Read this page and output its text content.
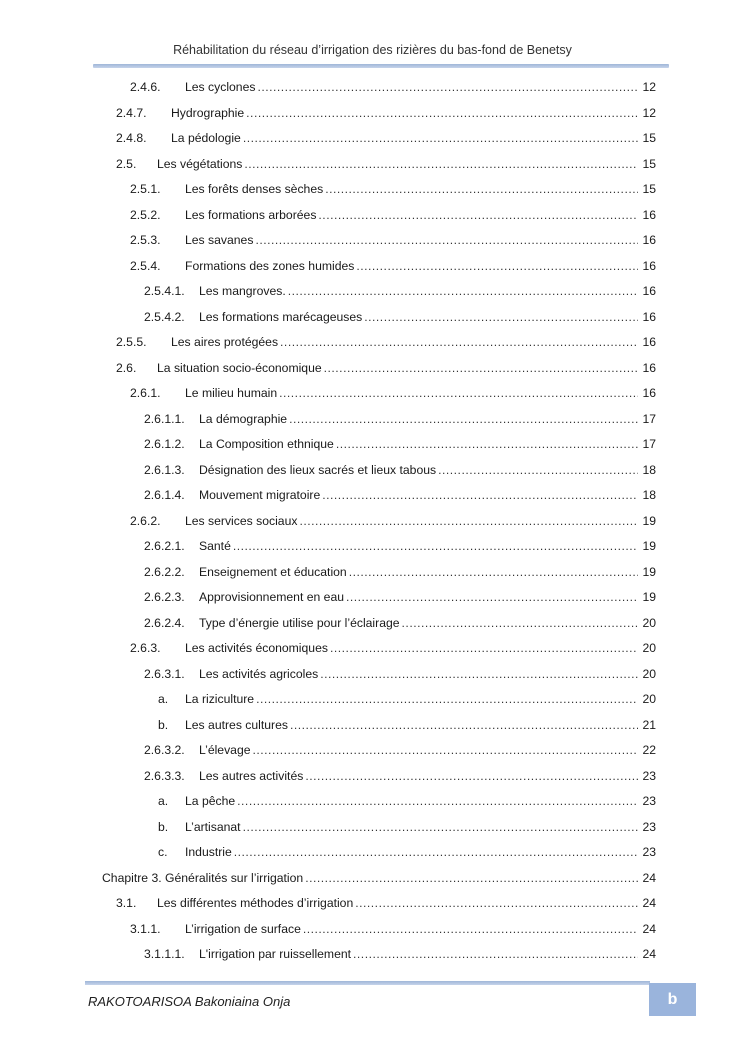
Réhabilitation du réseau d’irrigation des rizières du bas-fond de Benetsy
2.4.6.	Les cyclones .....	12
2.4.7.	Hydrographie .....	12
2.4.8.	La pédologie .....	15
2.5.	Les végétations .....	15
2.5.1.	Les forêts denses sèches .....	15
2.5.2.	Les formations arborées .....	16
2.5.3.	Les savanes .....	16
2.5.4.	Formations des zones humides .....	16
2.5.4.1.	Les mangroves. .....	16
2.5.4.2.	Les formations marécageuses .....	16
2.5.5.	Les aires protégées .....	16
2.6.	La situation socio-économique .....	16
2.6.1.	Le milieu humain .....	16
2.6.1.1.	La démographie .....	17
2.6.1.2.	La Composition ethnique .....	17
2.6.1.3.	Désignation des lieux sacrés et lieux tabous .....	18
2.6.1.4.	Mouvement migratoire .....	18
2.6.2.	Les services sociaux .....	19
2.6.2.1.	Santé .....	19
2.6.2.2.	Enseignement et éducation .....	19
2.6.2.3.	Approvisionnement en eau .....	19
2.6.2.4.	Type d’énergie utilise pour l’éclairage .....	20
2.6.3.	Les activités économiques .....	20
2.6.3.1.	Les activités agricoles .....	20
a.	La riziculture .....	20
b.	Les autres cultures .....	21
2.6.3.2.	L’élevage .....	22
2.6.3.3.	Les autres activités .....	23
a.	La pêche .....	23
b.	L’artisanat .....	23
c.	Industrie .....	23
Chapitre 3. Généralités sur l’irrigation .....	24
3.1.	Les différentes méthodes d’irrigation .....	24
3.1.1.	L’irrigation de surface .....	24
3.1.1.1.	L'irrigation par ruissellement .....	24
RAKOTOARISOA Bakoniaina Onja	b
